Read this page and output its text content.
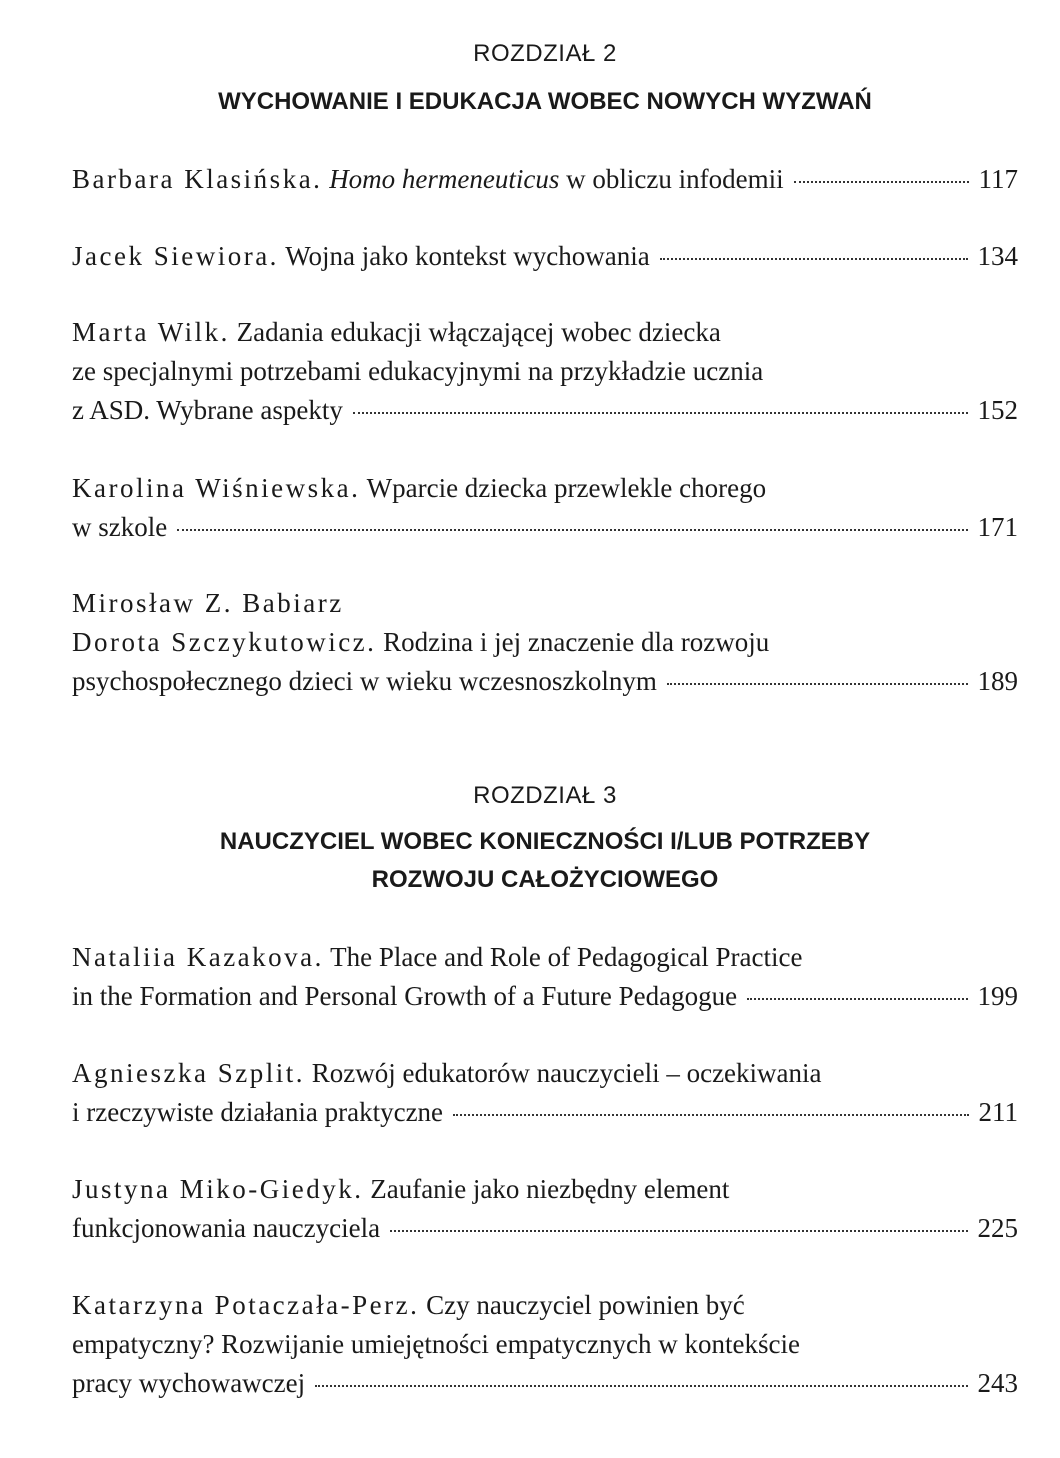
ROZDZIAŁ 2
WYCHOWANIE I EDUKACJA WOBEC NOWYCH WYZWAŃ
Barbara Klasińska. Homo hermeneuticus w obliczu infodemii	117
Jacek Siewiora. Wojna jako kontekst wychowania	134
Marta Wilk. Zadania edukacji włączającej wobec dziecka
ze specjalnymi potrzebami edukacyjnymi na przykładzie ucznia
z ASD. Wybrane aspekty	152
Karolina Wiśniewska. Wparcie dziecka przewlekle chorego
w szkole	171
Mirosław Z. Babiarz
Dorota Szczykutowicz. Rodzina i jej znaczenie dla rozwoju
psychospołecznego dzieci w wieku wczesnoszkolnym	189
ROZDZIAŁ 3
NAUCZYCIEL WOBEC KONIECZNOŚCI I/LUB POTRZEBY
ROZWOJU CAŁOŻYCIOWEGO
Nataliia Kazakova. The Place and Role of Pedagogical Practice
in the Formation and Personal Growth of a Future Pedagogue	199
Agnieszka Szplit. Rozwój edukatorów nauczycieli – oczekiwania
i rzeczywiste działania praktyczne	211
Justyna Miko-Giedyk. Zaufanie jako niezbędny element
funkcjonowania nauczyciela	225
Katarzyna Potaczała-Perz. Czy nauczyciel powinien być
empatyczny? Rozwijanie umiejętności empatycznych w kontekście
pracy wychowawczej	243
